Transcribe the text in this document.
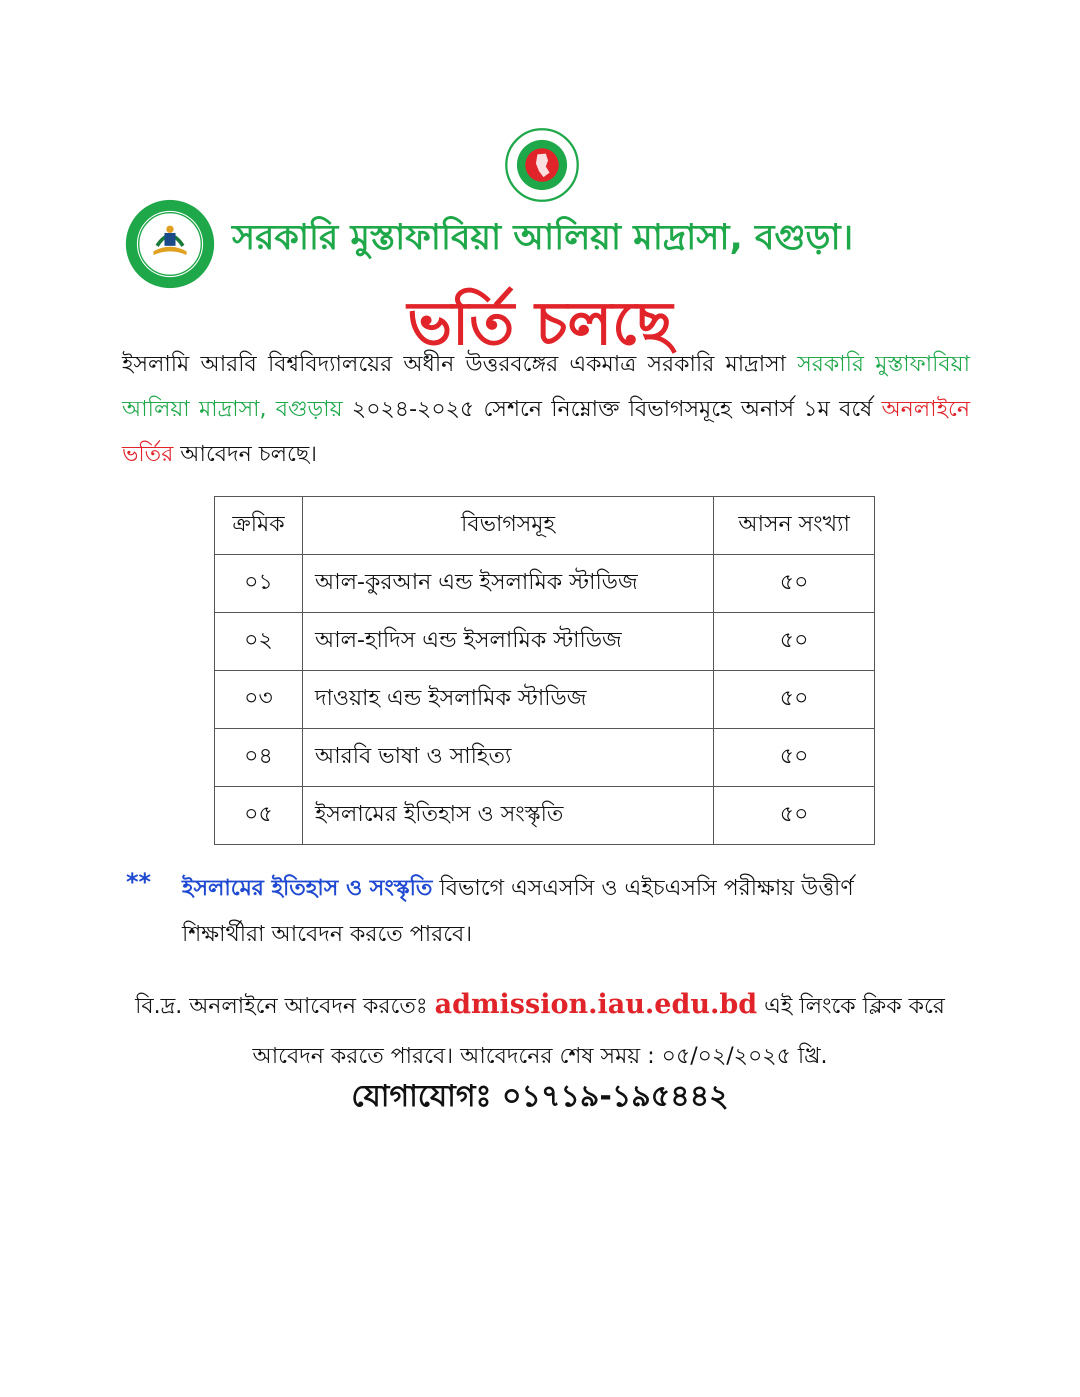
সরকারি মুস্তাফাবিয়া আলিয়া মাদ্রাসা, বগুড়া।
ভর্তি চলছে
ইসলামি আরবি বিশ্ববিদ্যালয়ের অধীন উত্তরবঙ্গের একমাত্র সরকারি মাদ্রাসা সরকারি মুস্তাফাবিয়া আলিয়া মাদ্রাসা, বগুড়ায় ২০২৪-২০২৫ সেশনে নিম্নোক্ত বিভাগসমূহে অনার্স ১ম বর্ষে অনলাইনে ভর্তির আবেদন চলছে।
ক্রমিক	বিভাগসমূহ	আসন সংখ্যা
০১	আল-কুরআন এন্ড ইসলামিক স্টাডিজ	৫০
০২	আল-হাদিস এন্ড ইসলামিক স্টাডিজ	৫০
০৩	দাওয়াহ এন্ড ইসলামিক স্টাডিজ	৫০
০৪	আরবি ভাষা ও সাহিত্য	৫০
০৫	ইসলামের ইতিহাস ও সংস্কৃতি	৫০
** ইসলামের ইতিহাস ও সংস্কৃতি বিভাগে এসএসসি ও এইচএসসি পরীক্ষায় উত্তীর্ণ শিক্ষার্থীরা আবেদন করতে পারবে।
বি.দ্র. অনলাইনে আবেদন করতেঃ admission.iau.edu.bd এই লিংকে ক্লিক করে আবেদন করতে পারবে। আবেদনের শেষ সময় : ০৫/০২/২০২৫ খ্রি.
যোগাযোগঃ ০১৭১৯-১৯৫৪৪২
